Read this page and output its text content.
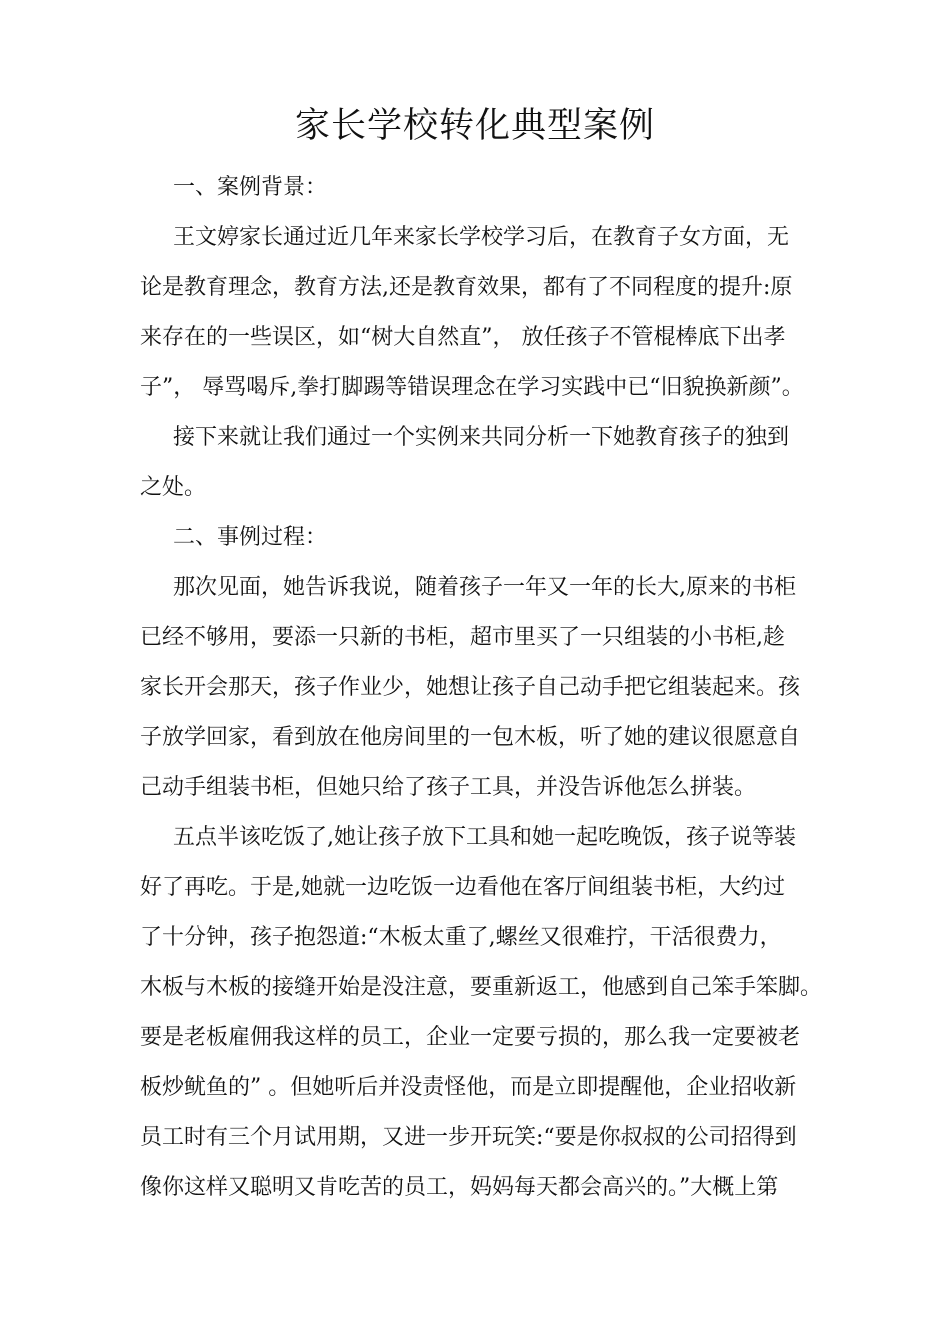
家长学校转化典型案例
一、案例背景：
王文婷家长通过近几年来家长学校学习后，在教育子女方面，无
论是教育理念，教育方法,还是教育效果，都有了不同程度的提升:原
来存在的一些误区，如“树大自然直”， 放任孩子不管棍棒底下出孝
子”， 辱骂喝斥,拳打脚踢等错误理念在学习实践中已“旧貌换新颜”。
接下来就让我们通过一个实例来共同分析一下她教育孩子的独到
之处。
二、事例过程：
那次见面，她告诉我说，随着孩子一年又一年的长大,原来的书柜
已经不够用，要添一只新的书柜，超市里买了一只组装的小书柜,趁
家长开会那天，孩子作业少，她想让孩子自己动手把它组装起来。孩
子放学回家，看到放在他房间里的一包木板，听了她的建议很愿意自
己动手组装书柜，但她只给了孩子工具，并没告诉他怎么拼装。
五点半该吃饭了,她让孩子放下工具和她一起吃晚饭，孩子说等装
好了再吃。于是,她就一边吃饭一边看他在客厅间组装书柜，大约过
了十分钟，孩子抱怨道:“木板太重了,螺丝又很难拧，干活很费力，
木板与木板的接缝开始是没注意，要重新返工，他感到自己笨手笨脚。
要是老板雇佣我这样的员工，企业一定要亏损的，那么我一定要被老
板炒鱿鱼的” 。但她听后并没责怪他，而是立即提醒他，企业招收新
员工时有三个月试用期，又进一步开玩笑:“要是你叔叔的公司招得到
像你这样又聪明又肯吃苦的员工，妈妈每天都会高兴的。”大概上第
